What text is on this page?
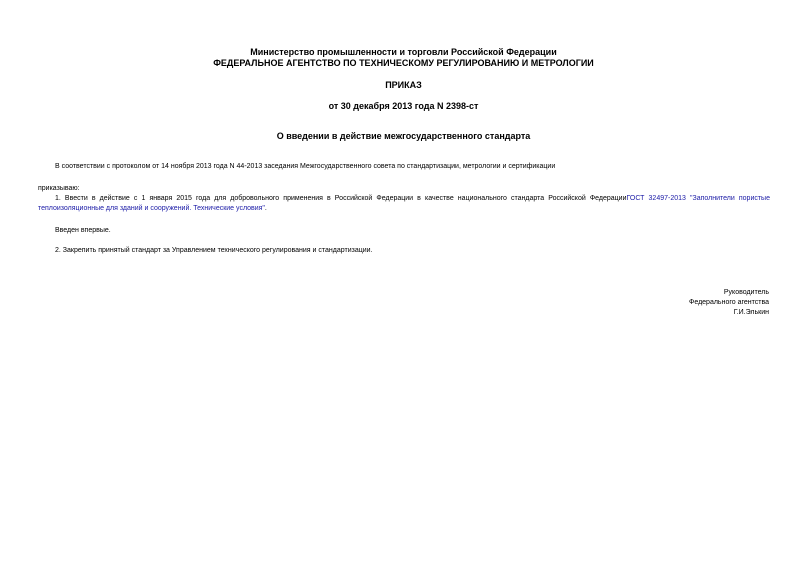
Министерство промышленности и торговли Российской Федерации
ФЕДЕРАЛЬНОЕ АГЕНТСТВО ПО ТЕХНИЧЕСКОМУ РЕГУЛИРОВАНИЮ И МЕТРОЛОГИИ
ПРИКАЗ
от 30 декабря 2013 года N 2398-ст
О введении в действие межгосударственного стандарта
В соответствии с протоколом от 14 ноября 2013 года N 44-2013 заседания Межгосударственного совета по стандартизации, метрологии и сертификации
приказываю:
1. Ввести в действие с 1 января 2015 года для добровольного применения в Российской Федерации в качестве национального стандарта Российской ФедерацииГОСТ 32497-2013 "Заполнители пористые теплоизоляционные для зданий и сооружений. Технические условия".
Введен впервые.
2. Закрепить принятый стандарт за Управлением технического регулирования и стандартизации.
Руководитель
Федерального агентства
Г.И.Элькин
